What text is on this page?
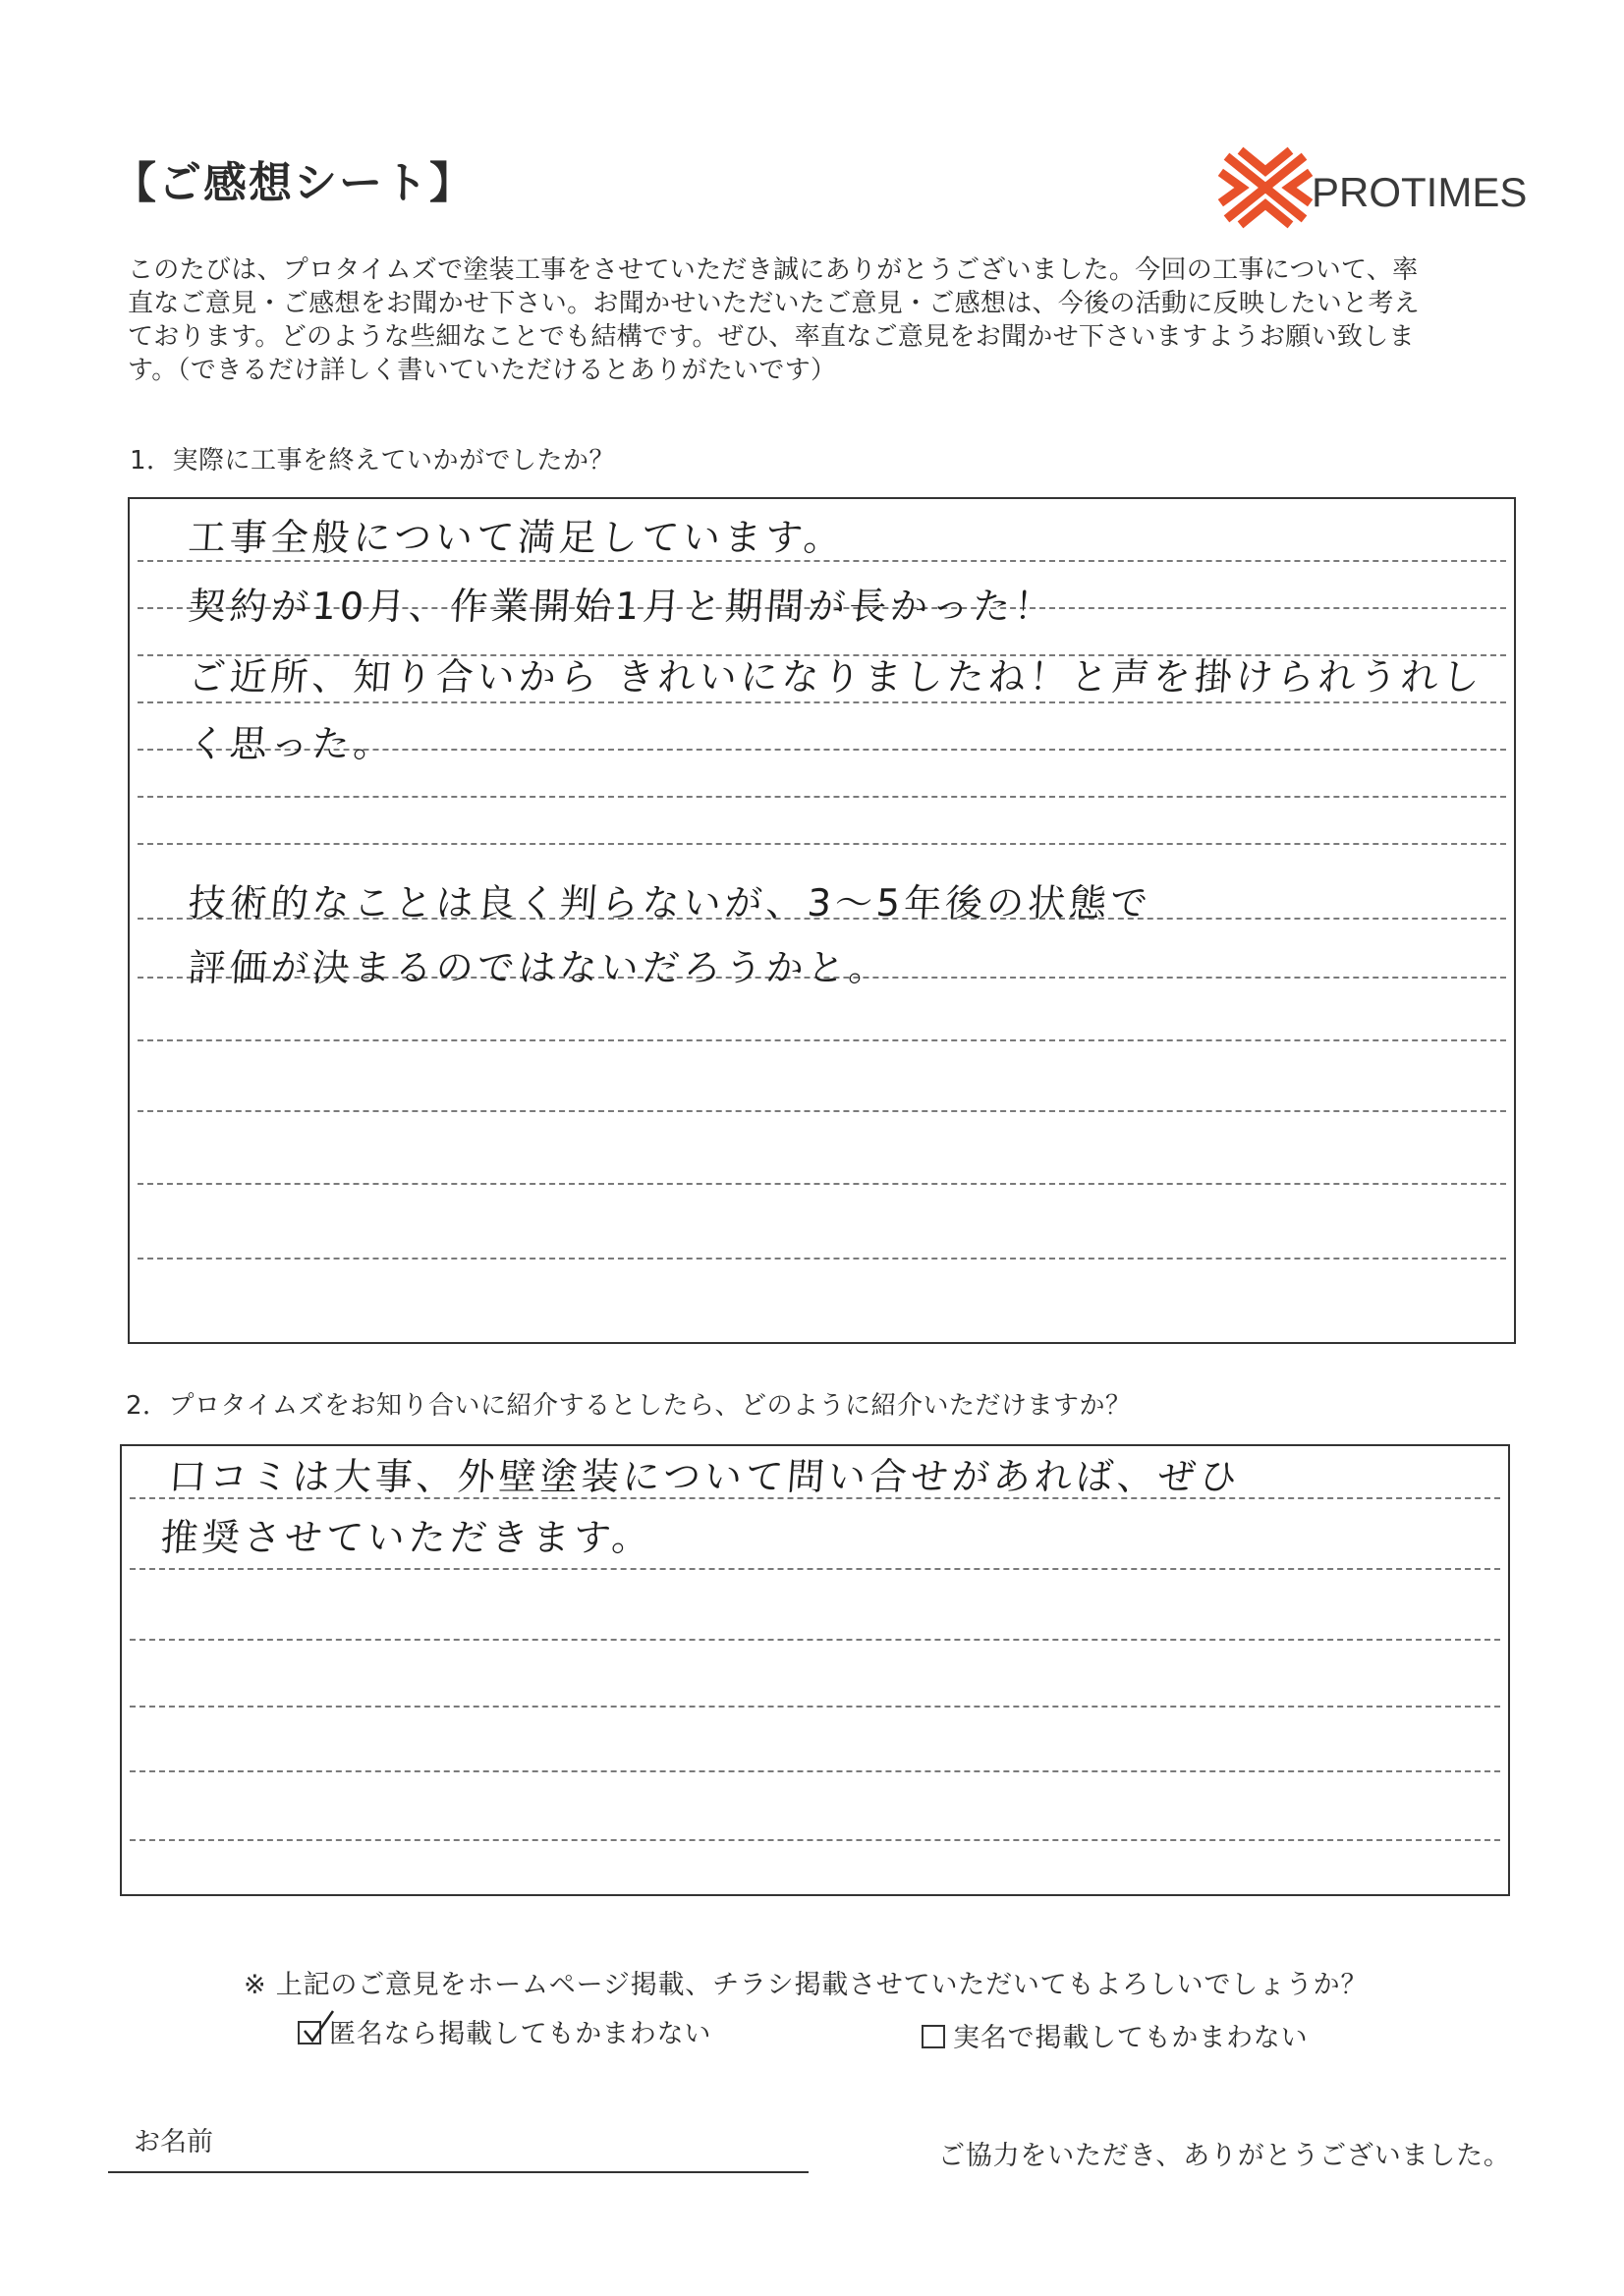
【ご感想シート】	PROTIMES
このたびは、プロタイムズで塗装工事をさせていただき誠にありがとうございました。今回の工事について、率
直なご意見・ご感想をお聞かせ下さい。お聞かせいただいたご意見・ご感想は、今後の活動に反映したいと考え
ております。どのような些細なことでも結構です。ぜひ、率直なご意見をお聞かせ下さいますようお願い致しま
す。（できるだけ詳しく書いていただけるとありがたいです）
1．実際に工事を終えていかがでしたか？
工事全般について満足しています。
契約が10月、作業開始1月と期間が長かった！
ご近所、知り合いから きれいになりましたね！と声を掛けられうれし
く思った。
技術的なことは良く判らないが、3〜5年後の状態で
評価が決まるのではないだろうかと。
2．プロタイムズをお知り合いに紹介するとしたら、どのように紹介いただけますか？
口コミは大事、外壁塗装について問い合せがあれば、ぜひ
推奨させていただきます。
※ 上記のご意見をホームページ掲載、チラシ掲載させていただいてもよろしいでしょうか？
匿名なら掲載してもかまわない	実名で掲載してもかまわない
お名前	ご協力をいただき、ありがとうございました。
